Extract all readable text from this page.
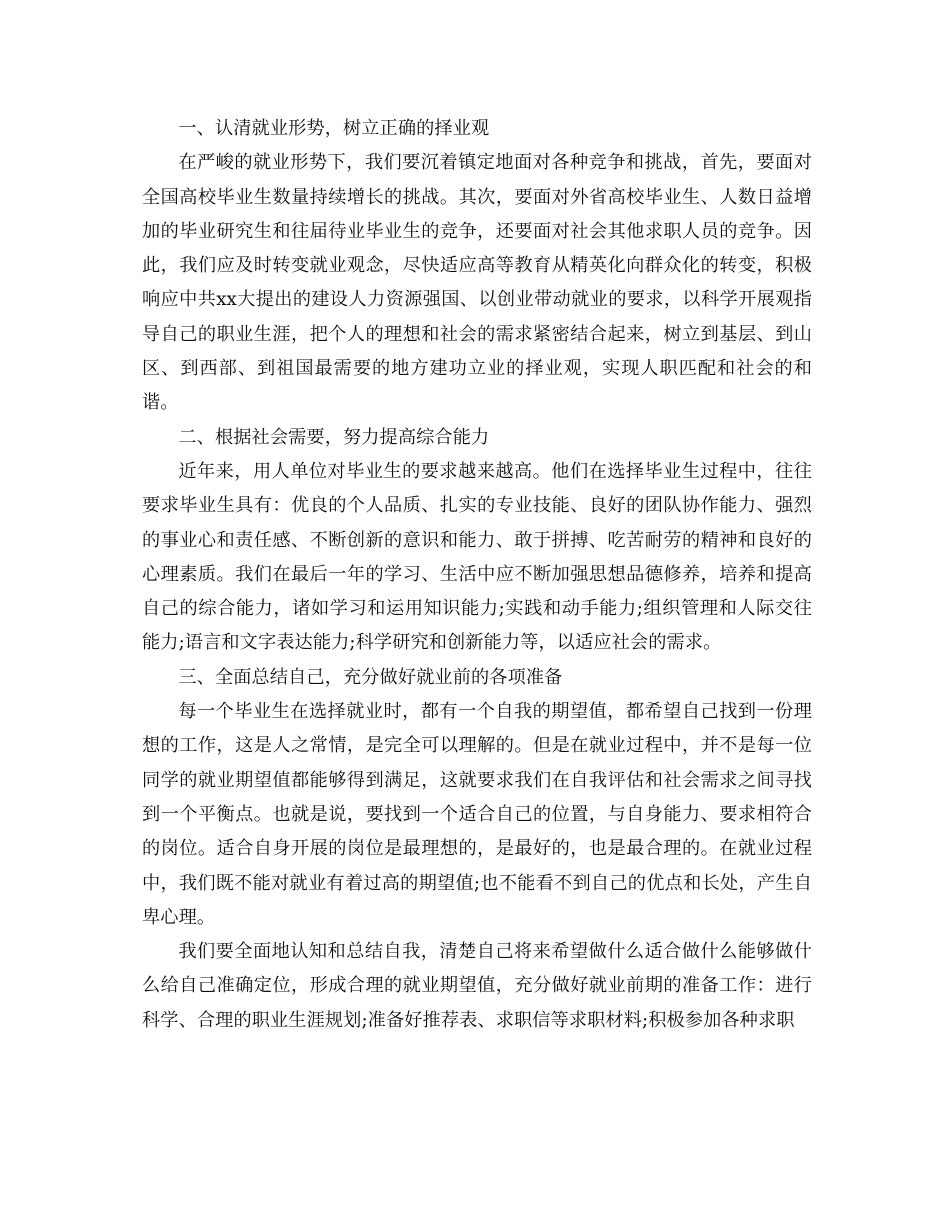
一、认清就业形势，树立正确的择业观

在严峻的就业形势下，我们要沉着镇定地面对各种竞争和挑战，首先，要面对全国高校毕业生数量持续增长的挑战。其次，要面对外省高校毕业生、人数日益增加的毕业研究生和往届待业毕业生的竞争，还要面对社会其他求职人员的竞争。因此，我们应及时转变就业观念，尽快适应高等教育从精英化向群众化的转变，积极响应中共xx大提出的建设人力资源强国、以创业带动就业的要求，以科学开展观指导自己的职业生涯，把个人的理想和社会的需求紧密结合起来，树立到基层、到山区、到西部、到祖国最需要的地方建功立业的择业观，实现人职匹配和社会的和谐。

二、根据社会需要，努力提高综合能力

近年来，用人单位对毕业生的要求越来越高。他们在选择毕业生过程中，往往要求毕业生具有：优良的个人品质、扎实的专业技能、良好的团队协作能力、强烈的事业心和责任感、不断创新的意识和能力、敢于拼搏、吃苦耐劳的精神和良好的心理素质。我们在最后一年的学习、生活中应不断加强思想品德修养，培养和提高自己的综合能力，诸如学习和运用知识能力;实践和动手能力;组织管理和人际交往能力;语言和文字表达能力;科学研究和创新能力等，以适应社会的需求。

三、全面总结自己，充分做好就业前的各项准备

每一个毕业生在选择就业时，都有一个自我的期望值，都希望自己找到一份理想的工作，这是人之常情，是完全可以理解的。但是在就业过程中，并不是每一位同学的就业期望值都能够得到满足，这就要求我们在自我评估和社会需求之间寻找到一个平衡点。也就是说，要找到一个适合自己的位置，与自身能力、要求相符合的岗位。适合自身开展的岗位是最理想的，是最好的，也是最合理的。在就业过程中，我们既不能对就业有着过高的期望值;也不能看不到自己的优点和长处，产生自卑心理。

我们要全面地认知和总结自我，清楚自己将来希望做什么适合做什么能够做什么给自己准确定位，形成合理的就业期望值，充分做好就业前期的准备工作：进行科学、合理的职业生涯规划;准备好推荐表、求职信等求职材料;积极参加各种求职
